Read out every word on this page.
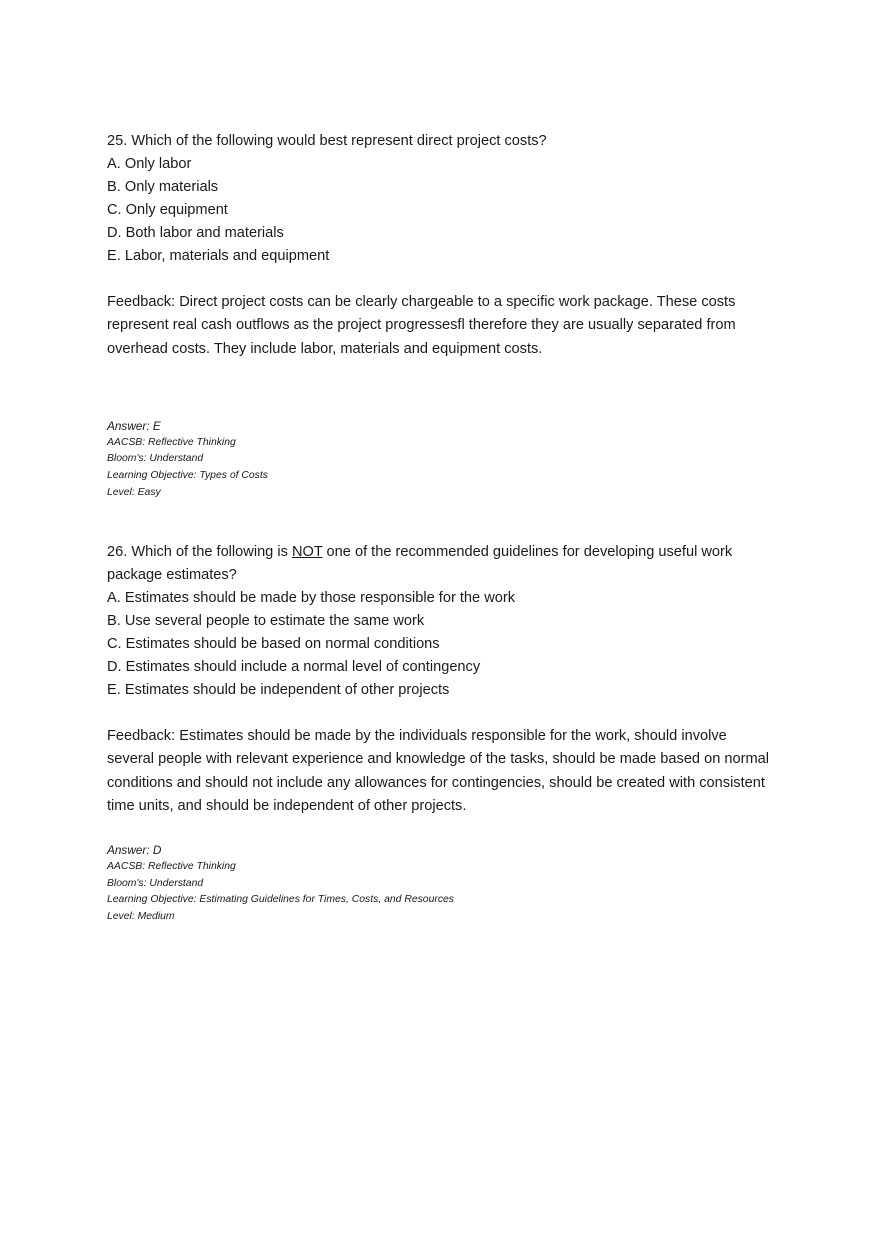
25. Which of the following would best represent direct project costs?
A. Only labor
B. Only materials
C. Only equipment
D. Both labor and materials
E. Labor, materials and equipment
Feedback: Direct project costs can be clearly chargeable to a specific work package. These costs represent real cash outflows as the project progressesfl therefore they are usually separated from overhead costs. They include labor, materials and equipment costs.
Answer: E
AACSB: Reflective Thinking
Bloom's: Understand
Learning Objective: Types of Costs
Level: Easy
26. Which of the following is NOT one of the recommended guidelines for developing useful work package estimates?
A. Estimates should be made by those responsible for the work
B. Use several people to estimate the same work
C. Estimates should be based on normal conditions
D. Estimates should include a normal level of contingency
E. Estimates should be independent of other projects
Feedback: Estimates should be made by the individuals responsible for the work, should involve several people with relevant experience and knowledge of the tasks, should be made based on normal conditions and should not include any allowances for contingencies, should be created with consistent time units, and should be independent of other projects.
Answer: D
AACSB: Reflective Thinking
Bloom's: Understand
Learning Objective: Estimating Guidelines for Times, Costs, and Resources
Level: Medium
